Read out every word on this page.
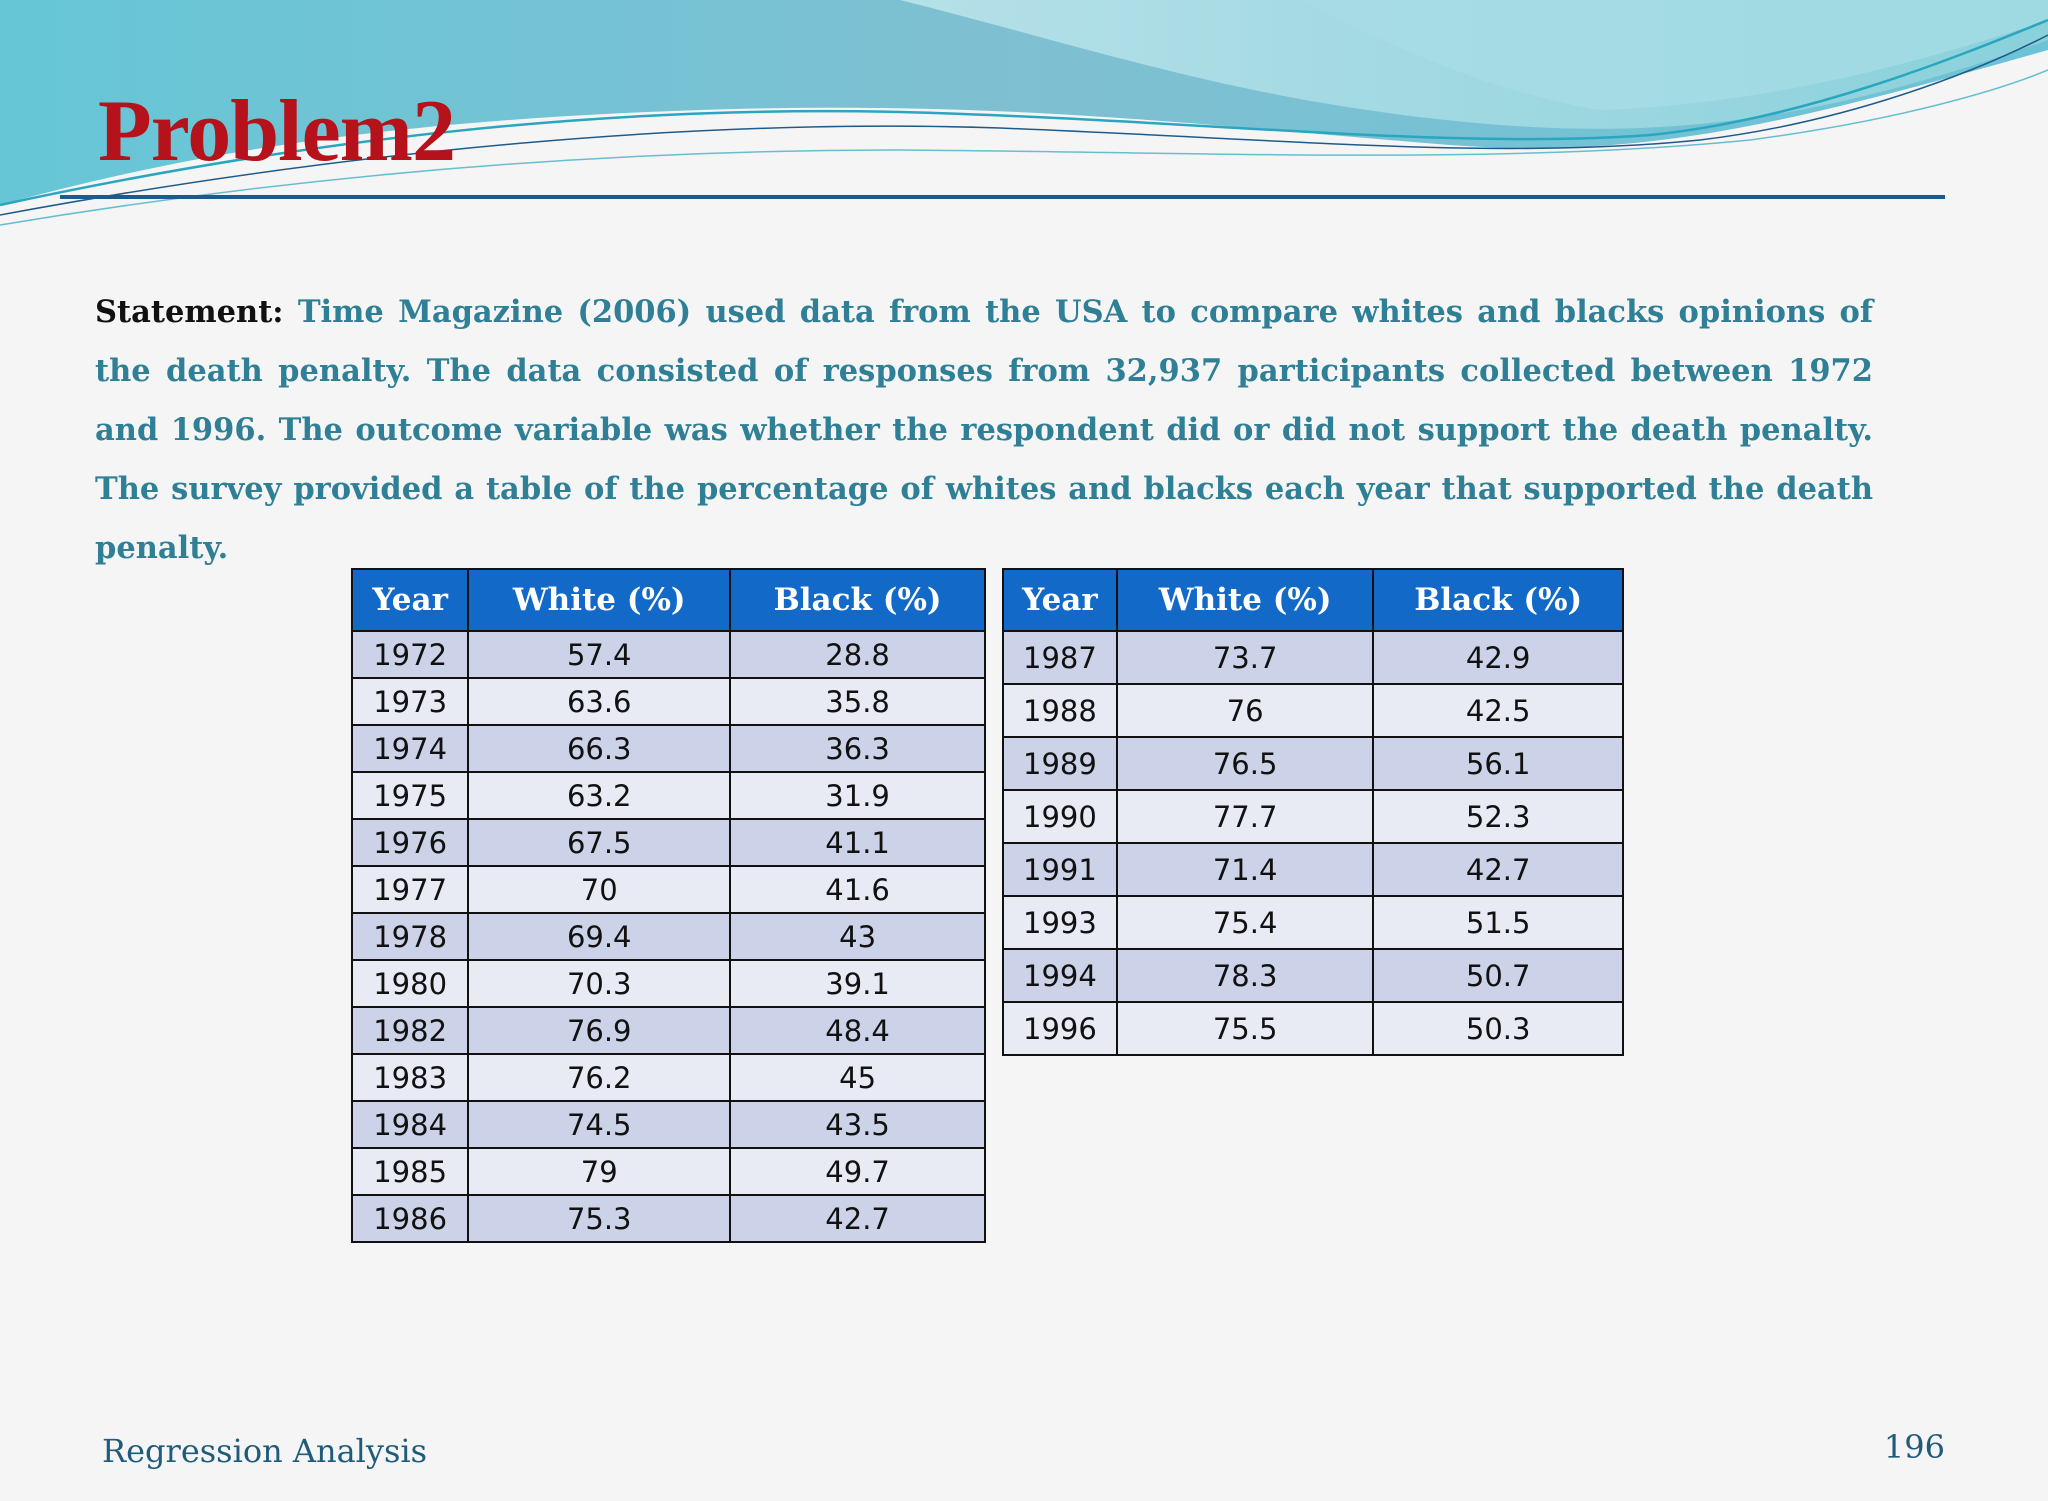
Problem2

Statement: Time Magazine (2006) used data from the USA to compare whites and blacks opinions of the death penalty. The data consisted of responses from 32,937 participants collected between 1972 and 1996. The outcome variable was whether the respondent did or did not support the death penalty. The survey provided a table of the percentage of whites and blacks each year that supported the death penalty.

Year	White (%)	Black (%)
1972	57.4	28.8
1973	63.6	35.8
1974	66.3	36.3
1975	63.2	31.9
1976	67.5	41.1
1977	70	41.6
1978	69.4	43
1980	70.3	39.1
1982	76.9	48.4
1983	76.2	45
1984	74.5	43.5
1985	79	49.7
1986	75.3	42.7
Year	White (%)	Black (%)
1987	73.7	42.9
1988	76	42.5
1989	76.5	56.1
1990	77.7	52.3
1991	71.4	42.7
1993	75.4	51.5
1994	78.3	50.7
1996	75.5	50.3
Regression Analysis	196
